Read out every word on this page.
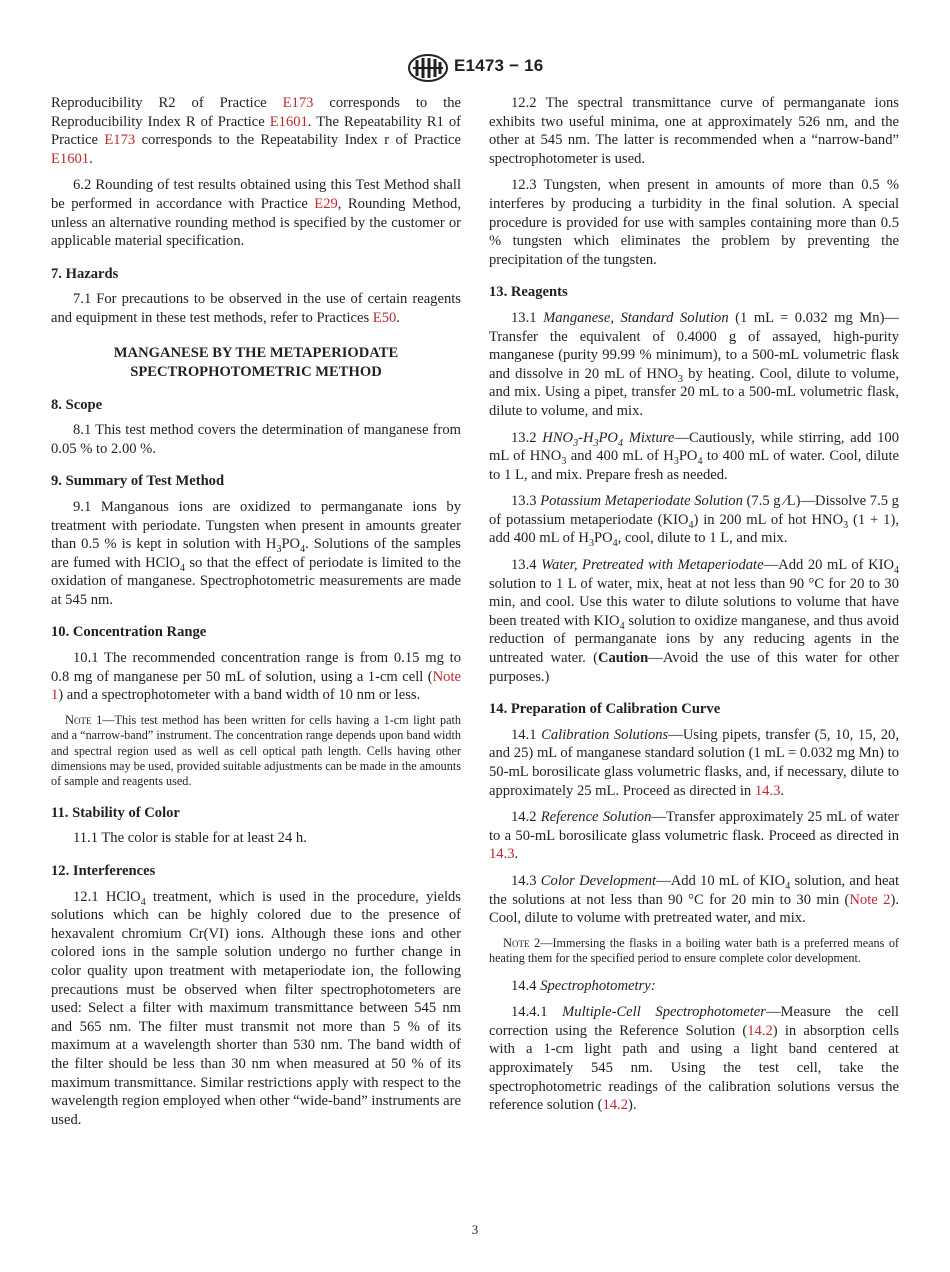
E1473 − 16

Reproducibility R2 of Practice E173 corresponds to the Reproducibility Index R of Practice E1601. The Repeatability R1 of Practice E173 corresponds to the Repeatability Index r of Practice E1601.

6.2 Rounding of test results obtained using this Test Method shall be performed in accordance with Practice E29, Rounding Method, unless an alternative rounding method is specified by the customer or applicable material specification.

7. Hazards

7.1 For precautions to be observed in the use of certain reagents and equipment in these test methods, refer to Practices E50.

MANGANESE BY THE METAPERIODATE
SPECTROPHOTOMETRIC METHOD
8. Scope

8.1 This test method covers the determination of manganese from 0.05 % to 2.00 %.

9. Summary of Test Method

9.1 Manganous ions are oxidized to permanganate ions by treatment with periodate. Tungsten when present in amounts greater than 0.5 % is kept in solution with $H_3PO_4$. Solutions of the samples are fumed with HClO$_4$ so that the effect of periodate is limited to the oxidation of manganese. Spectrophotometric measurements are made at 545 nm.

10. Concentration Range

10.1 The recommended concentration range is from 0.15 mg to 0.8 mg of manganese per 50 mL of solution, using a 1-cm cell (Note 1) and a spectrophotometer with a band width of 10 nm or less.

Note 1—This test method has been written for cells having a 1-cm light path and a “narrow-band” instrument. The concentration range depends upon band width and spectral region used as well as cell optical path length. Cells having other dimensions may be used, provided suitable adjustments can be made in the amounts of sample and reagents used.

11. Stability of Color

11.1 The color is stable for at least 24 h.

12. Interferences

12.1 HClO$_4$ treatment, which is used in the procedure, yields solutions which can be highly colored due to the presence of hexavalent chromium Cr(VI) ions. Although these ions and other colored ions in the sample solution undergo no further change in color quality upon treatment with metaperiodate ion, the following precautions must be observed when filter spectrophotometers are used: Select a filter with maximum transmittance between 545 nm and 565 nm. The filter must transmit not more than 5 % of its maximum at a wavelength shorter than 530 nm. The band width of the filter should be less than 30 nm when measured at 50 % of its maximum transmittance. Similar restrictions apply with respect to the wavelength region employed when other “wide-band” instruments are used.

12.2 The spectral transmittance curve of permanganate ions exhibits two useful minima, one at approximately 526 nm, and the other at 545 nm. The latter is recommended when a “narrow-band” spectrophotometer is used.

12.3 Tungsten, when present in amounts of more than 0.5 % interferes by producing a turbidity in the final solution. A special procedure is provided for use with samples containing more than 0.5 % tungsten which eliminates the problem by preventing the precipitation of the tungsten.

13. Reagents

13.1 Manganese, Standard Solution (1 mL = 0.032 mg Mn)—Transfer the equivalent of 0.4000 g of assayed, high-purity manganese (purity 99.99 % minimum), to a 500-mL volumetric flask and dissolve in 20 mL of $HNO_3$ by heating. Cool, dilute to volume, and mix. Using a pipet, transfer 20 mL to a 500-mL volumetric flask, dilute to volume, and mix.

13.2 $HNO_3-H_3PO_4$ Mixture—Cautiously, while stirring, add 100 mL of $HNO_3$ and 400 mL of $H_3PO_4$ to 400 mL of water. Cool, dilute to 1 L, and mix. Prepare fresh as needed.

13.3 Potassium Metaperiodate Solution (7.5 g ⁄L)—Dissolve 7.5 g of potassium metaperiodate $(KIO_4)$ in 200 mL of hot $HNO_3$ (1 + 1), add 400 mL of $H_3PO_4$, cool, dilute to 1 L, and mix.

13.4 Water, Pretreated with Metaperiodate—Add 20 mL of $KIO_4$ solution to 1 L of water, mix, heat at not less than 90 °C for 20 to 30 min, and cool. Use this water to dilute solutions to volume that have been treated with $KIO_4$ solution to oxidize manganese, and thus avoid reduction of permanganate ions by any reducing agents in the untreated water. (Caution—Avoid the use of this water for other purposes.)

14. Preparation of Calibration Curve

14.1 Calibration Solutions—Using pipets, transfer (5, 10, 15, 20, and 25) mL of manganese standard solution (1 mL = 0.032 mg Mn) to 50-mL borosilicate glass volumetric flasks, and, if necessary, dilute to approximately 25 mL. Proceed as directed in 14.3.

14.2 Reference Solution—Transfer approximately 25 mL of water to a 50-mL borosilicate glass volumetric flask. Proceed as directed in 14.3.

14.3 Color Development—Add 10 mL of $KIO_4$ solution, and heat the solutions at not less than 90 °C for 20 min to 30 min (Note 2). Cool, dilute to volume with pretreated water, and mix.

Note 2—Immersing the flasks in a boiling water bath is a preferred means of heating them for the specified period to ensure complete color development.

14.4 Spectrophotometry:

14.4.1 Multiple-Cell Spectrophotometer—Measure the cell correction using the Reference Solution (14.2) in absorption cells with a 1-cm light path and using a light band centered at approximately 545 nm. Using the test cell, take the spectrophotometric readings of the calibration solutions versus the reference solution (14.2).

3
